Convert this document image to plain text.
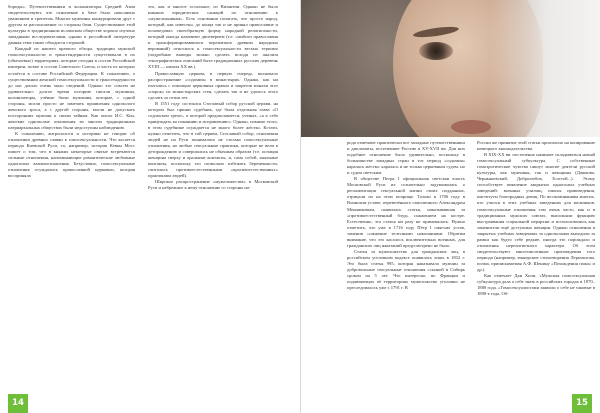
бороды». Путешественники и колонизаторы Средней Азии свидетельствуют, что отношение к баче было наполнено уважением и трепетом. Многие мужчины конкурировали друг с другом за расположение со стороны бачи. Существование этой культуры в традиционном исламском обществе хорошо изучено западными исследователями, однако в российской литературе данная тема также обходится стороной.

Каждый из нашего краткого обзора, традиции мужской гомосексуальности и трансгендерности существовали в их (обычаевых) территориях, которые сегодня в состав Российской империи, позже в состав Советского Союза, и часть из которых остаётся в составе Российской Федерации. К сожалению, о существовании женской гомосексуальности и трансгендерности до нас дошло очень мало сведений. Однако это совсем не удивительно: долгое время историю писали мужчины, колонизаторы, учёные были мужчины, которые, с одной стороны, могли просто не замечать проявления однополого женского эроса, а с другой стороны, могли не допускать посторонних мужчин к своим тайнам. Как писал И.С. Кон, женские однополые отношения во многих традиционных патриархальных обществах были недоступны наблюдению.

К сожалению, антропологи и историки не говорят об отношении древних славян к гомосексуальности. Что касается периода Киевской Руси, то, например, историк Кевин Мосс пишет о том, что в княжих некоторые святые встречаются сильные отношения, напоминающие романтические любовные однополые взаимоотношения. Безусловно, гомосексуальные отношения осуждались православной церковью, которая восприняла

это, как и многое остальное, из Византии. Однако не было никаких юридических санкций по отношению к «мужеложникам». Есть основания полагать, что просто народ, который, как известно, до конца так и не принял православие и исповедовал своеобразную форму народной религиозности, который иногда называют двоеверием (т.е. симбиоз православия и трансформировавшихся пережитков древних народных верований) относился к гомосексуальности весьма терпимо (подробные выводы можно сделать исходя из анализа этнографических описаний быта традиционных русских деревень XVIII — начала XX вв.).

Православную церковь в первую очередь волновало распространение «содомии» в монастырях. Однако, как ни пытались с помощью церковных правил и запретов монахи этот «порок» из монастырских стен, сделать так и не удалось этого сделать за сотни лет.

В 1551 году состоялся Стоглавый собор русской церкви, на котором был принят судебник, где была отдельная глава «О содомском грехе», в которой предписывается: ученых, «а к себе принуждать ка покаянию и исправлению». Однако, помимо этого, в этом судебнике осуждается не много более жёстко. Кстати, нужно отметить, что в той церкви, Стоглавый собор, отношения людей не на Руси понимались не столько гомосексуальные отношения, но любые сексуальные практики, которые не вели к деторождению и совершались не обычным образом (т.е. позиция женщина сверху и оральные контакты, и, само собой, анальные контакты, поскольку это позволяло избежать беременности, считались противоестественными «противоестественных» практиками людей).

Широкое распространение «мужеложества» в Московской Руси и небрежное к нему отношение со стороны на-

14

рода отмечают практически все западные путешественники и дипломаты, посетившие Россию в XV-XVII вв. Для них подобное отношение было удивительно, поскольку в большинстве западных стран в тот период «содомия» каралась жёстко: каралась и не только церковным судом, но и судом светским.

В обществе Петра I официальная светская власть Московской Руси их сознательно задумывалась о регламентации сексуальной жизни своих подданных, отрицали их на этом поприще. Только в 1706 году в Воинском уставе, перевезённого самоличного Александром Меншиковым, появилась статья, наказывавшая за «противоестественный блуд» сожжением на костре. Естественно, эта статья ни разу не применялась. Нужно отметить, что уже в 1716 году Пётр I смягчил устав, заменив сожжение телесными наказаниями. Обратим внимание, что это касалось исключительно военных, для гражданских лиц наказаний предусмотрено не было.

Статья за мужеложество для гражданских лиц, в российском уголовном кодексе появилась лишь в 1832 г. Это была статья 995, которая наказывала мужчин за добровольные сексуальные отношения ссылкой в Сибирь сроком на 5 лет. Что интересно, во Франции и подавляющих её территориях мужеложство уголовно не преследовалось уже с 1791 г. В

России же принятие этой статьи произошло на копирование немецкого законодательства.

В XIX-XX вв. постепенно начинает складываться новый гомосексуальный субкультура. С собственные гомоэротические чувства пишут многие деятели русской культуры, как мужчины, так и женщины (Дашкова, Чернышевский, Добролюбов, Толстой...). Этому способствует появление закрытых однополых учебных заведений: военных училищ, школы правоведения, институты благородных девиц. По воспоминаниям многих, кто учился в этих учебных заведениях для мальчиков, гомосексуальные отношения там очень часто, как и в традиционных мужских союзах, выполняли функцию выстраивания социальной иерархии и использовались как заменители ещё доступных женщин. Однако отношения в закрытых учебных заведениях за однополыми выходили за рамки как будто себе редкие, иногда это порождало и отношения нерелигиозного характера. Об этом свидетельствуют многочисленные произведения того периода (например, юнкерские стихотворения Лермонтова, поэма, приписываемая А.Ф. Шенину «Похождения пажа» и др.).

Как отмечает Дан Хили, «Мужская гомосексуальная субкультура дала о себе знать в российских городах в 1870–1880 года. «Гомосексуалистами заявили о себе не таковые в 1890-е года. Об-

15
